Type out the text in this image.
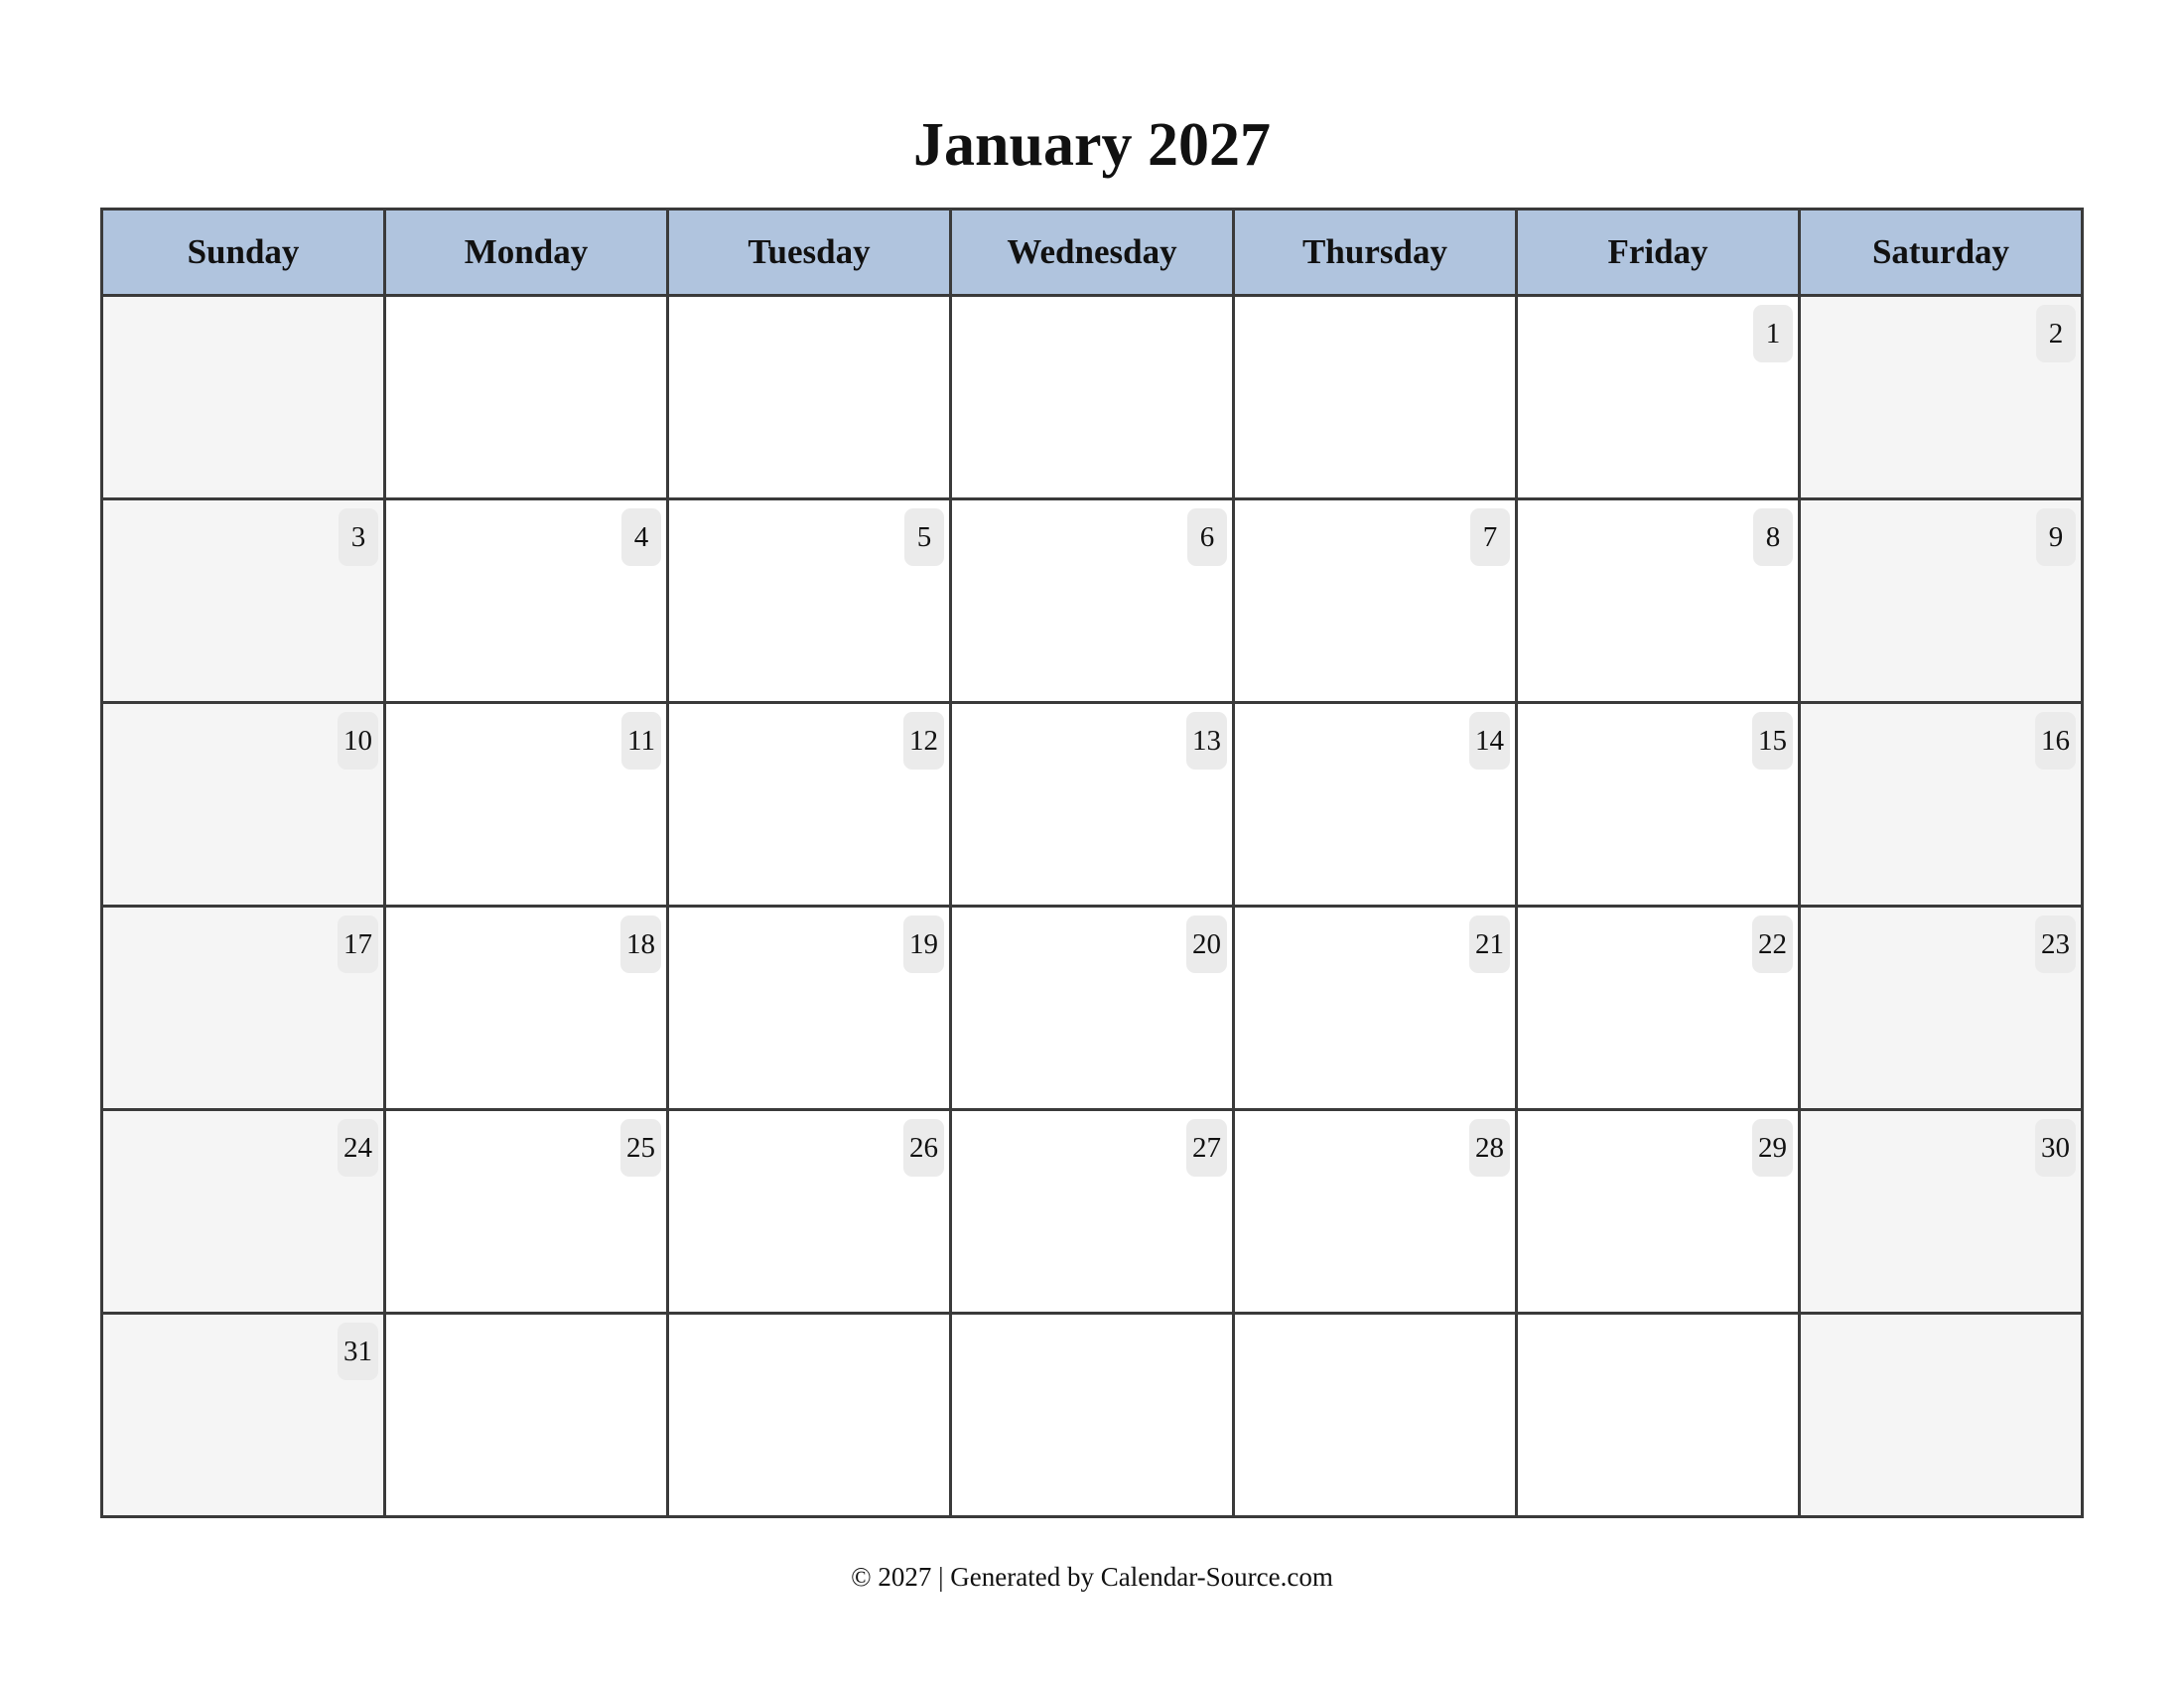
January 2027
Sunday	Monday	Tuesday	Wednesday	Thursday	Friday	Saturday

					1	2

3	4	5	6	7	8	9

10	11	12	13	14	15	16

17	18	19	20	21	22	23

24	25	26	27	28	29	30

31						

© 2027 | Generated by Calendar-Source.com
